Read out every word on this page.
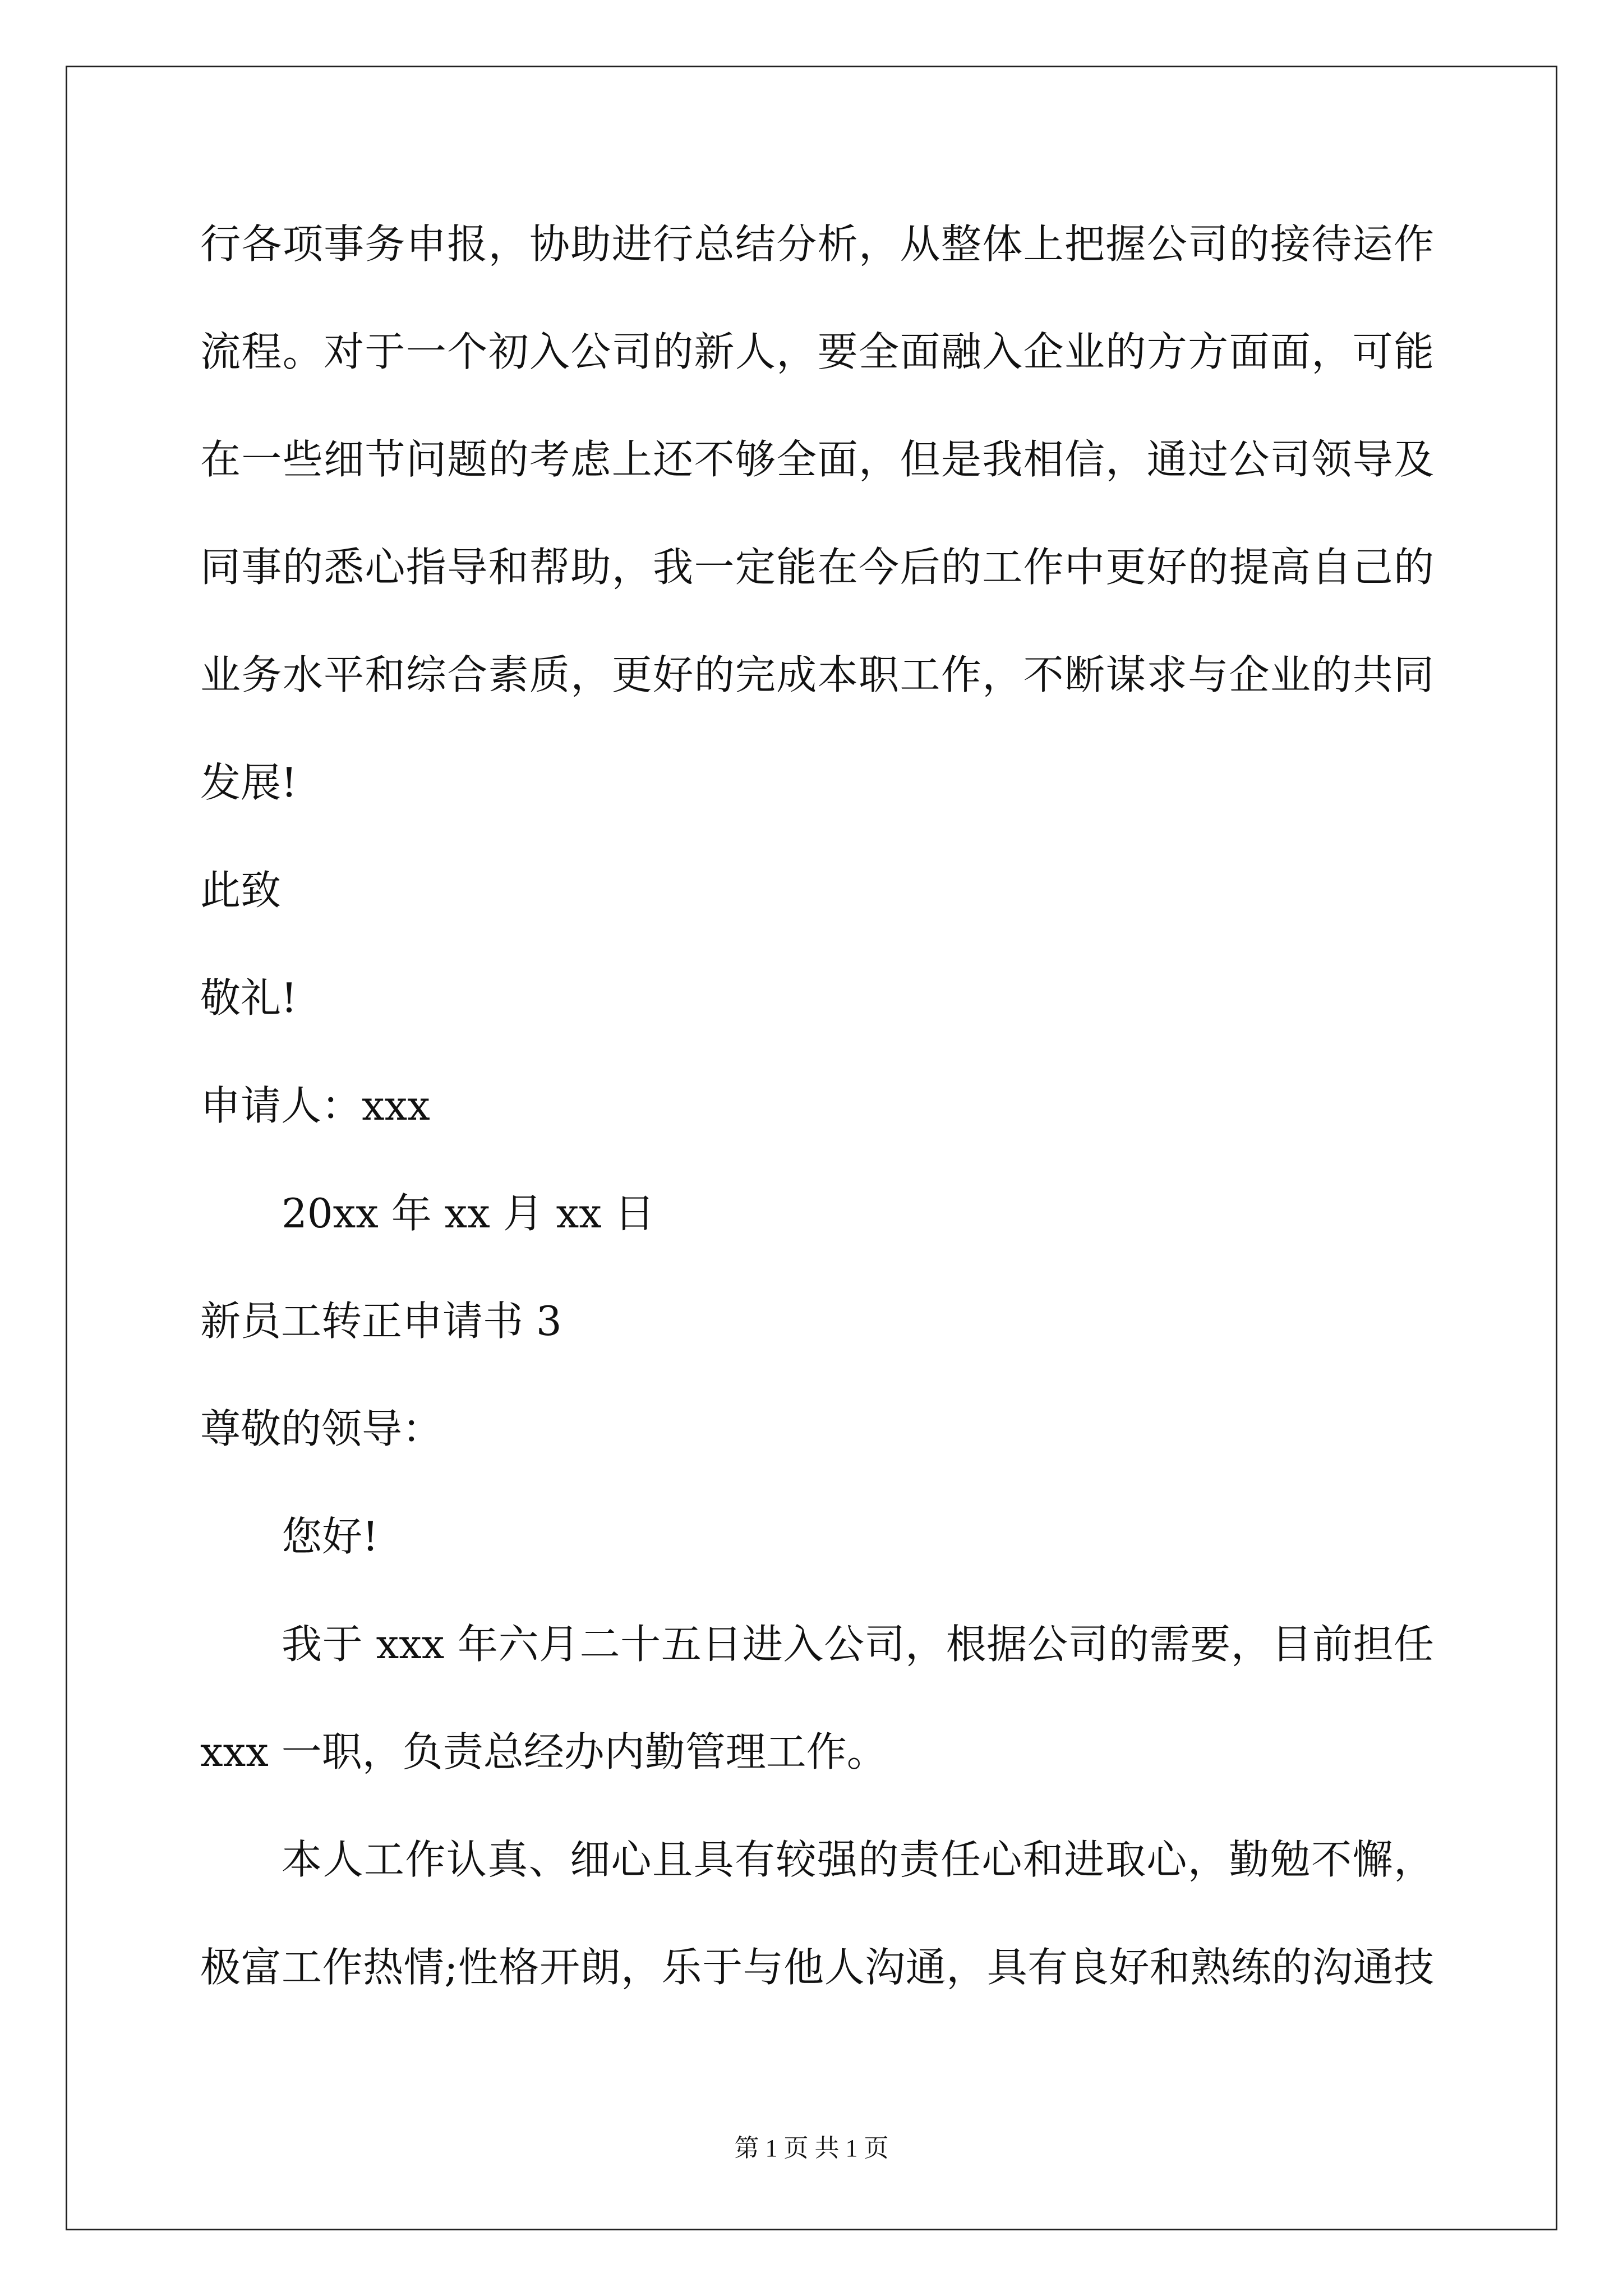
行各项事务申报，协助进行总结分析，从整体上把握公司的接待运作
流程。对于一个初入公司的新人，要全面融入企业的方方面面，可能
在一些细节问题的考虑上还不够全面，但是我相信，通过公司领导及
同事的悉心指导和帮助，我一定能在今后的工作中更好的提高自己的
业务水平和综合素质，更好的完成本职工作，不断谋求与企业的共同
发展!
此致
敬礼!
申请人：xxx
20xx 年 xx 月 xx 日
新员工转正申请书 3
尊敬的领导：
您好!
我于 xxx 年六月二十五日进入公司，根据公司的需要，目前担任
xxx 一职，负责总经办内勤管理工作。
本人工作认真、细心且具有较强的责任心和进取心，勤勉不懈，
极富工作热情;性格开朗，乐于与他人沟通，具有良好和熟练的沟通技
第 1 页 共 1 页
